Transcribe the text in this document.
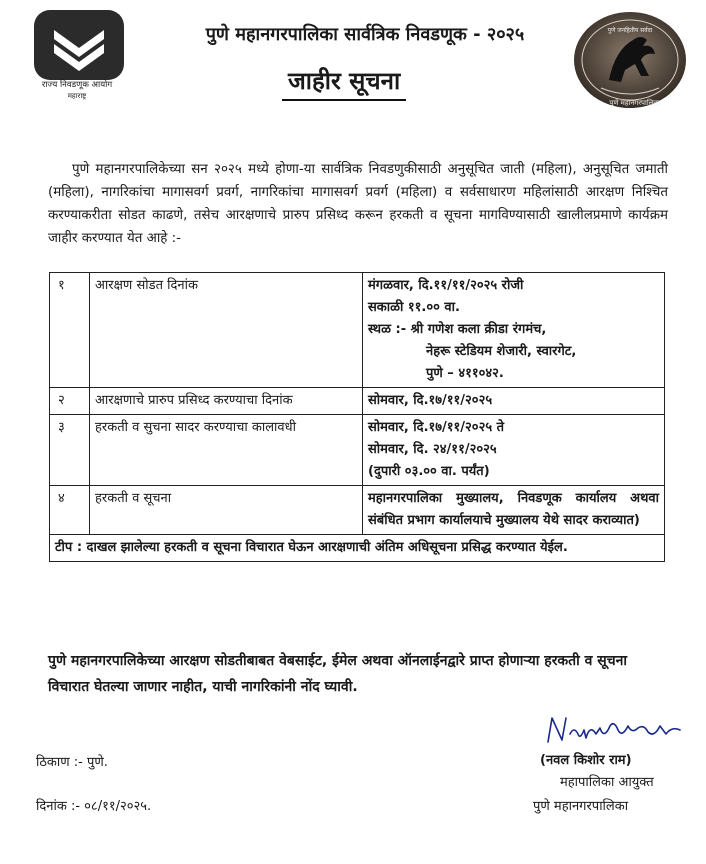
राज्य निवडणूक आयोग
महाराष्ट्र
पुणे महानगरपालिका सार्वत्रिक निवडणूक - २०२५
जाहीर सूचना
पुणे जनहितीय सर्वदा
पुणे महानगरपालिका
पुणे महानगरपालिकेच्या सन २०२५ मध्ये होणा-या सार्वत्रिक निवडणुकीसाठी अनुसूचित जाती (महिला), अनुसूचित जमाती (महिला), नागरिकांचा मागासवर्ग प्रवर्ग, नागरिकांचा मागासवर्ग प्रवर्ग (महिला) व सर्वसाधारण महिलांसाठी आरक्षण निश्चित करण्याकरीता सोडत काढणे, तसेच आरक्षणाचे प्रारुप प्रसिध्द करून हरकती व सूचना मागविण्यासाठी खालीलप्रमाणे कार्यक्रम जाहीर करण्यात येत आहे :-
१	आरक्षण सोडत दिनांक	मंगळवार, दि.११/११/२०२५ रोजी
सकाळी ११.०० वा.
स्थळ :- श्री गणेश कला क्रीडा रंगमंच,
नेहरू स्टेडियम शेजारी, स्वारगेट,
पुणे – ४११०४२.

२	आरक्षणाचे प्रारुप प्रसिध्द करण्याचा दिनांक	सोमवार, दि.१७/११/२०२५

३	हरकती व सुचना सादर करण्याचा कालावधी	सोमवार, दि.१७/११/२०२५ ते
सोमवार, दि. २४/११/२०२५
(दुपारी ०३.०० वा. पर्यंत)

४	हरकती व सूचना	महानगरपालिका मुख्यालय, निवडणूक कार्यालय अथवा संबंधित प्रभाग कार्यालयाचे मुख्यालय येथे सादर कराव्यात)
टीप : दाखल झालेल्या हरकती व सूचना विचारात घेऊन आरक्षणाची अंतिम अधिसूचना प्रसिद्ध करण्यात येईल.		
पुणे महानगरपालिकेच्या आरक्षण सोडतीबाबत वेबसाईट, ईमेल अथवा ऑनलाईनद्वारे प्राप्त होणाऱ्या हरकती व सूचना विचारात घेतल्या जाणार नाहीत, याची नागरिकांनी नोंद घ्यावी.
(नवल किशोर राम)
महापालिका आयुक्त
पुणे महानगरपालिका
ठिकाण :- पुणे.
दिनांक :- ०८/११/२०२५.
